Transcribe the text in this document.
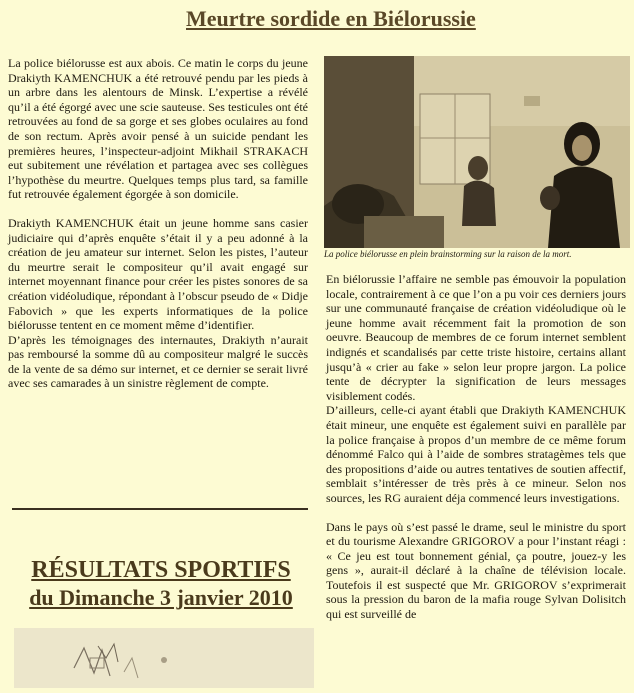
Meurtre sordide en Biélorussie

La police biélorusse est aux abois. Ce matin le corps du jeune Drakiyth KAMENCHUK a été retrouvé pendu par les pieds à un arbre dans les alentours de Minsk. L’expertise a révélé qu’il a été égorgé avec une scie sauteuse. Ses testicules ont été retrouvées au fond de sa gorge et ses globes oculaires au fond de son rectum. Après avoir pensé à un suicide pendant les premières heures, l’inspecteur-adjoint Mikhail STRAKACH eut subitement une révélation et partagea avec ses collègues l’hypothèse du meurtre. Quelques temps plus tard, sa famille fut retrouvée également égorgée à son domicile.

Drakiyth KAMENCHUK était un jeune homme sans casier judiciaire qui d’après enquête s’était il y a peu adonné à la création de jeu amateur sur internet. Selon les pistes, l’auteur du meurtre serait le compositeur qu’il avait engagé sur internet moyennant finance pour créer les pistes sonores de sa création vidéoludique, répondant à l’obscur pseudo de « Didje Fabovich » que les experts informatiques de la police biélorusse tentent en ce moment même d’identifier.

D’après les témoignages des internautes, Drakiyth n’aurait pas remboursé la somme dû au compositeur malgré le succès de la vente de sa démo sur internet, et ce dernier se serait livré avec ses camarades à un sinistre règlement de compte.

RÉSULTATS SPORTIFS
du Dimanche 3 janvier 2010
La police biélorusse en plein brainstorming sur la raison de la mort.

En biélorussie l’affaire ne semble pas émouvoir la population locale, contrairement à ce que l’on a pu voir ces derniers jours sur une communauté française de création vidéoludique où le jeune homme avait récemment fait la promotion de son oeuvre. Beaucoup de membres de ce forum internet semblent indignés et scandalisés par cette triste histoire, certains allant jusqu’à « crier au fake » selon leur propre jargon. La police tente de décrypter la signification de leurs messages visiblement codés.

D’ailleurs, celle-ci ayant établi que Drakiyth KAMENCHUK était mineur, une enquête est également suivi en parallèle par la police française à propos d’un membre de ce même forum dénommé Falco qui à l’aide de sombres stratagèmes tels que des propositions d’aide ou autres tentatives de soutien affectif, semblait s’intéresser de très près à ce mineur. Selon nos sources, les RG auraient déja commencé leurs investigations.

Dans le pays où s’est passé le drame, seul le ministre du sport et du tourisme Alexandre GRIGOROV a pour l’instant réagi : « Ce jeu est tout bonnement génial, ça poutre, jouez-y les gens », aurait-il déclaré à la chaîne de télévision locale. Toutefois il est suspecté que Mr. GRIGOROV s’exprimerait sous la pression du baron de la mafia rouge Sylvan Dolisitch qui est surveillé de
